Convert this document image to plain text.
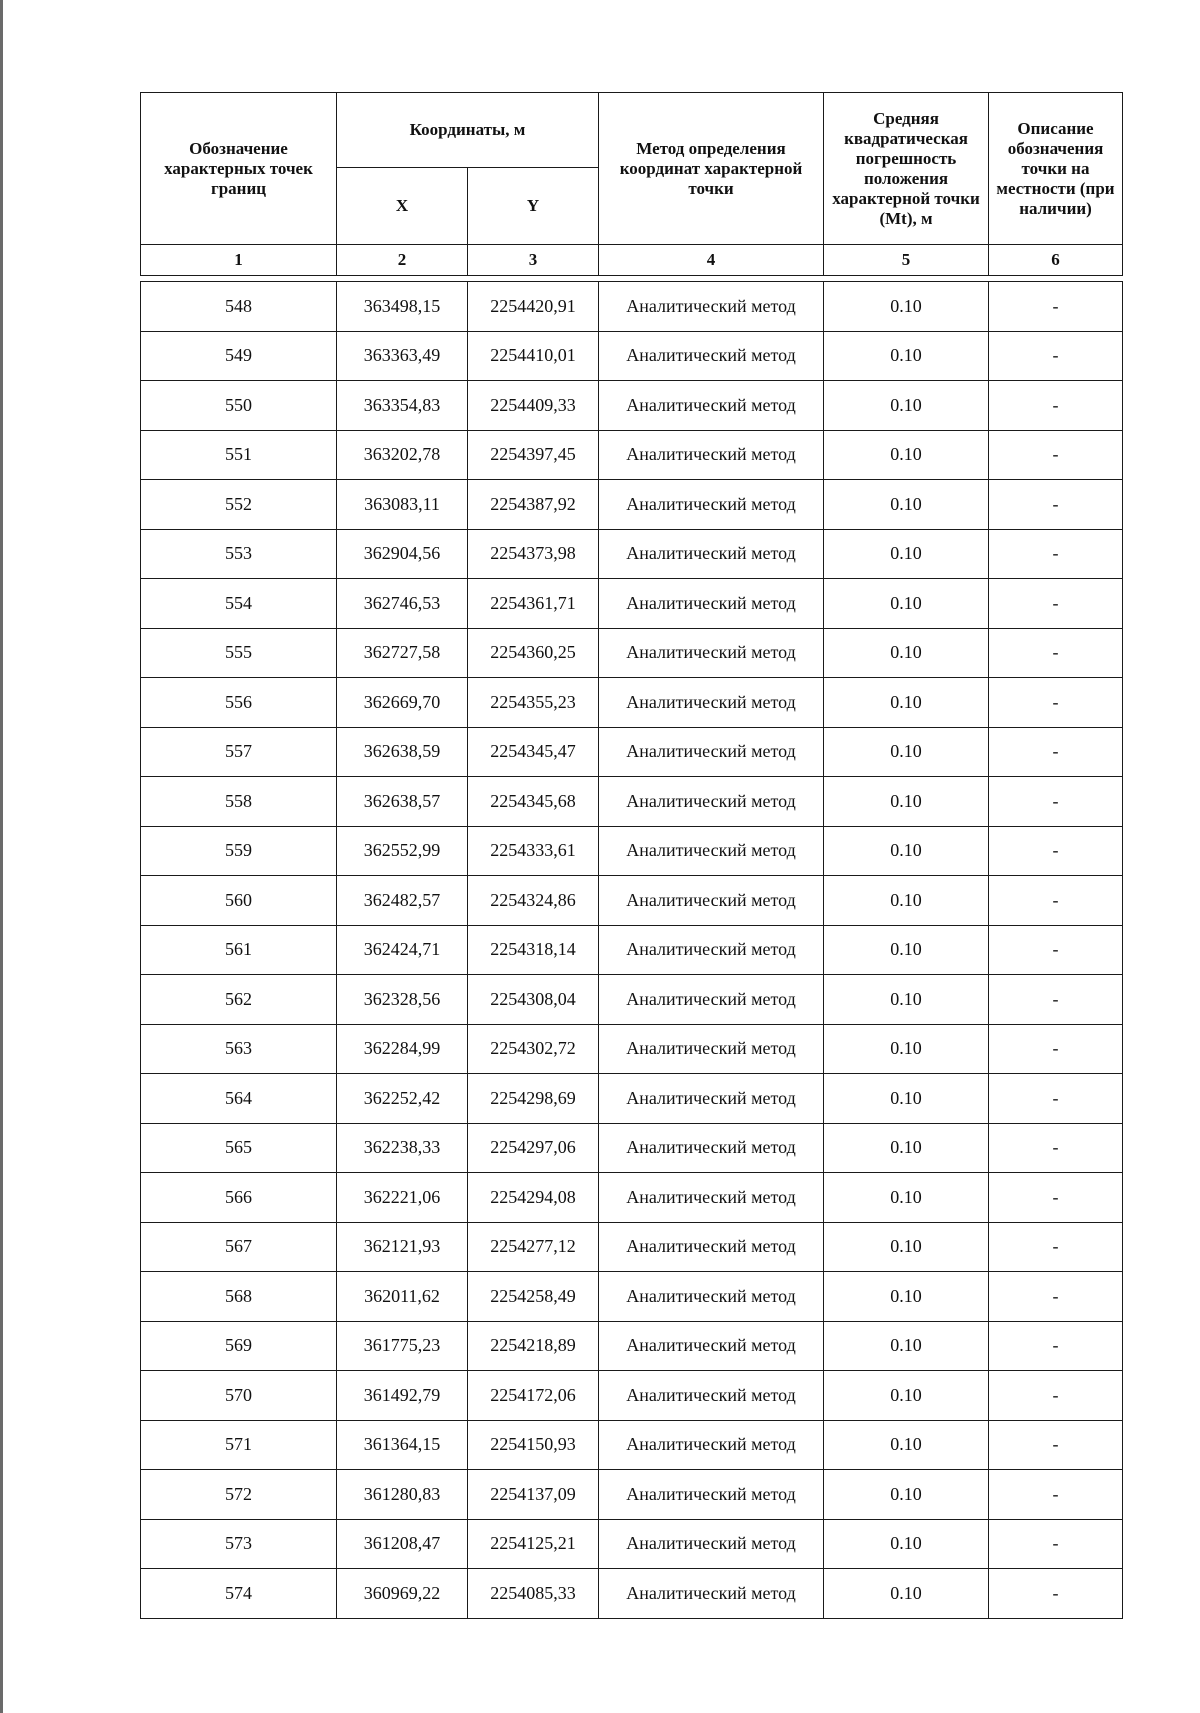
Обозначение характерных точек границ	Координаты, м		Метод определения координат характерной точки	Средняя квадратическая погрешность положения характерной точки (Mt), м	Описание обозначения точки на местности (при наличии)
	X	Y			
1	2	3	4	5	6

548	363498,15	2254420,91	Аналитический метод	0.10	-
549	363363,49	2254410,01	Аналитический метод	0.10	-
550	363354,83	2254409,33	Аналитический метод	0.10	-
551	363202,78	2254397,45	Аналитический метод	0.10	-
552	363083,11	2254387,92	Аналитический метод	0.10	-
553	362904,56	2254373,98	Аналитический метод	0.10	-
554	362746,53	2254361,71	Аналитический метод	0.10	-
555	362727,58	2254360,25	Аналитический метод	0.10	-
556	362669,70	2254355,23	Аналитический метод	0.10	-
557	362638,59	2254345,47	Аналитический метод	0.10	-
558	362638,57	2254345,68	Аналитический метод	0.10	-
559	362552,99	2254333,61	Аналитический метод	0.10	-
560	362482,57	2254324,86	Аналитический метод	0.10	-
561	362424,71	2254318,14	Аналитический метод	0.10	-
562	362328,56	2254308,04	Аналитический метод	0.10	-
563	362284,99	2254302,72	Аналитический метод	0.10	-
564	362252,42	2254298,69	Аналитический метод	0.10	-
565	362238,33	2254297,06	Аналитический метод	0.10	-
566	362221,06	2254294,08	Аналитический метод	0.10	-
567	362121,93	2254277,12	Аналитический метод	0.10	-
568	362011,62	2254258,49	Аналитический метод	0.10	-
569	361775,23	2254218,89	Аналитический метод	0.10	-
570	361492,79	2254172,06	Аналитический метод	0.10	-
571	361364,15	2254150,93	Аналитический метод	0.10	-
572	361280,83	2254137,09	Аналитический метод	0.10	-
573	361208,47	2254125,21	Аналитический метод	0.10	-
574	360969,22	2254085,33	Аналитический метод	0.10	-
